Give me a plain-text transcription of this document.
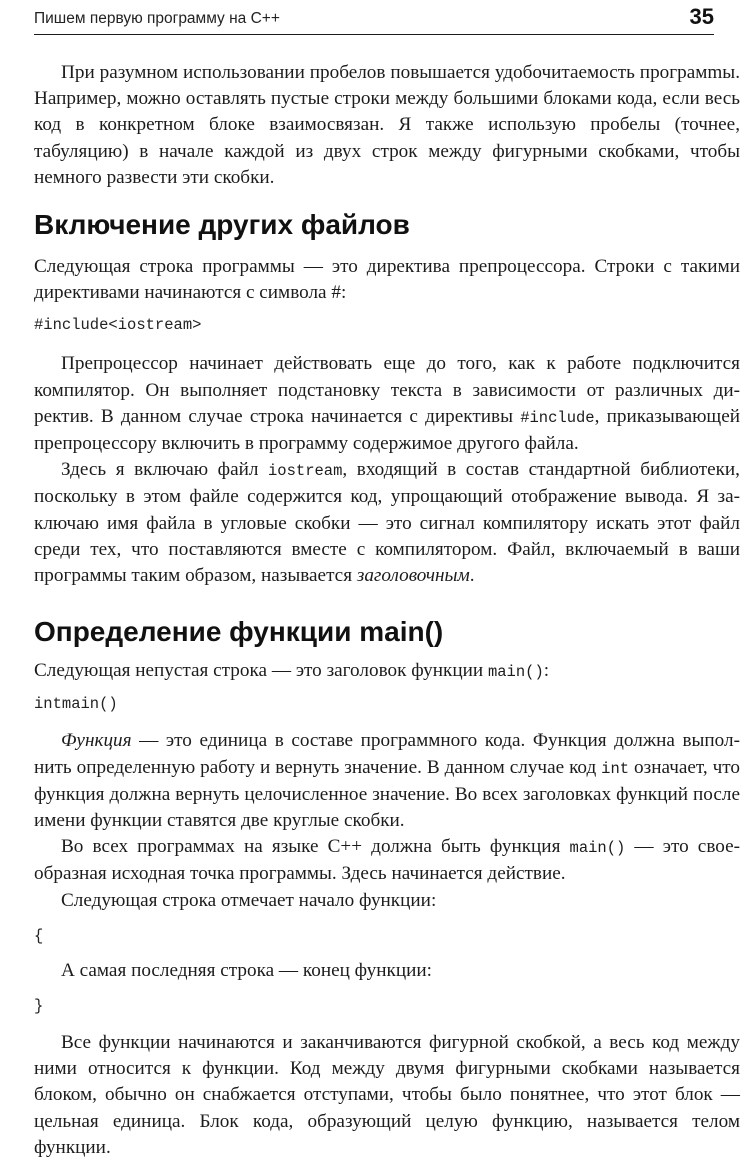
Пишем первую программу на С++	35

При разумном использовании пробелов повышается удобочитаемость програмmы. Например, можно оставлять пустые строки между большими блоками кода, если весь код в конкретном блоке взаимосвязан. Я также использую пробелы (точнее, табуляцию) в начале каждой из двух строк между фигурными скобками, чтобы немного развести эти скобки.

Включение других файлов

Следующая строка программы — это директива препроцессора. Строки с такими директивами начинаются с символа #:

#include<iostream>

Препроцессор начинает действовать еще до того, как к работе подключится компилятор. Он выполняет подстановку текста в зависимости от различных директив. В данном случае строка начинается с директивы #include, приказывающей препроцессору включить в программу содержимое другого файла.

Здесь я включаю файл iostream, входящий в состав стандартной библиотеки, поскольку в этом файле содержится код, упрощающий отображение вывода. Я заключаю имя файла в угловые скобки — это сигнал компилятору искать этот файл среди тех, что поставляются вместе с компилятором. Файл, включаемый в ваши программы таким образом, называется заголовочным.

Определение функции main()

Следующая непустая строка — это заголовок функции main():

intmain()

Функция — это единица в составе программного кода. Функция должна выполнить определенную работу и вернуть значение. В данном случае код int означает, что функция должна вернуть целочисленное значение. Во всех заголовках функций после имени функции ставятся две круглые скобки.

Во всех программах на языке С++ должна быть функция main() — это своеобразная исходная точка программы. Здесь начинается действие.

Следующая строка отмечает начало функции:

{

А самая последняя строка — конец функции:

}

Все функции начинаются и заканчиваются фигурной скобкой, а весь код между ними относится к функции. Код между двумя фигурными скобками называется блоком, обычно он снабжается отступами, чтобы было понятнее, что этот блок — цельная единица. Блок кода, образующий целую функцию, называется телом функции.
